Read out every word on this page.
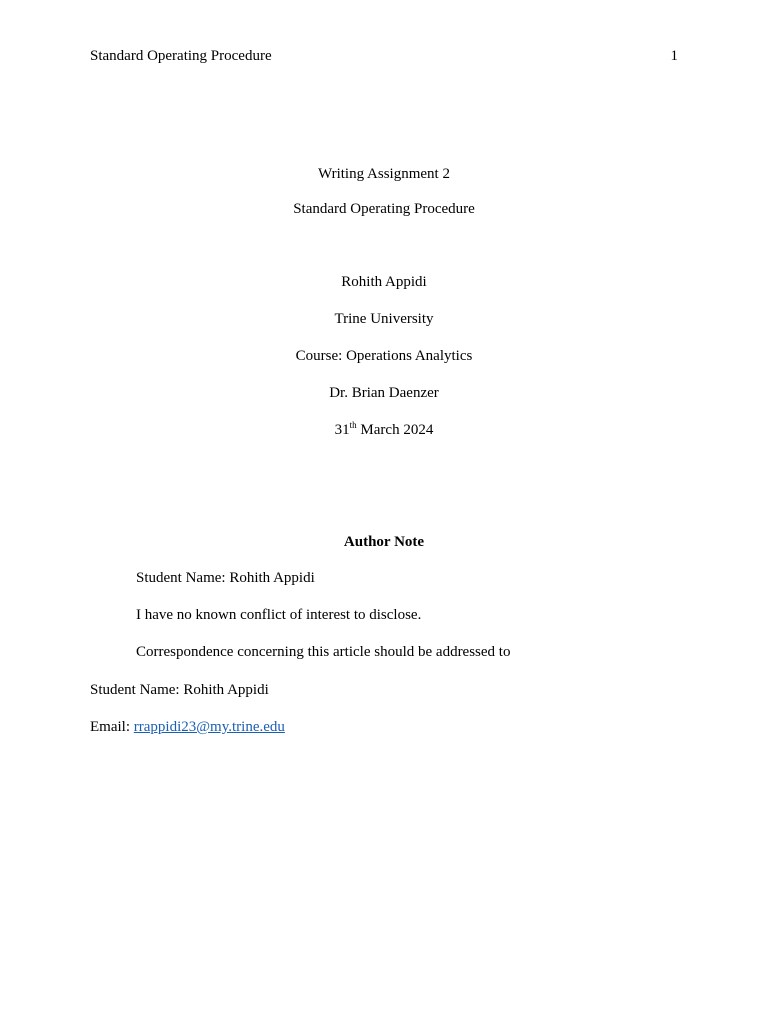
Standard Operating Procedure	1
Writing Assignment 2
Standard Operating Procedure
Rohith Appidi
Trine University
Course: Operations Analytics
Dr. Brian Daenzer
31th March 2024
Author Note
Student Name: Rohith Appidi
I have no known conflict of interest to disclose.
Correspondence concerning this article should be addressed to
Student Name: Rohith Appidi
Email: rrappidi23@my.trine.edu
